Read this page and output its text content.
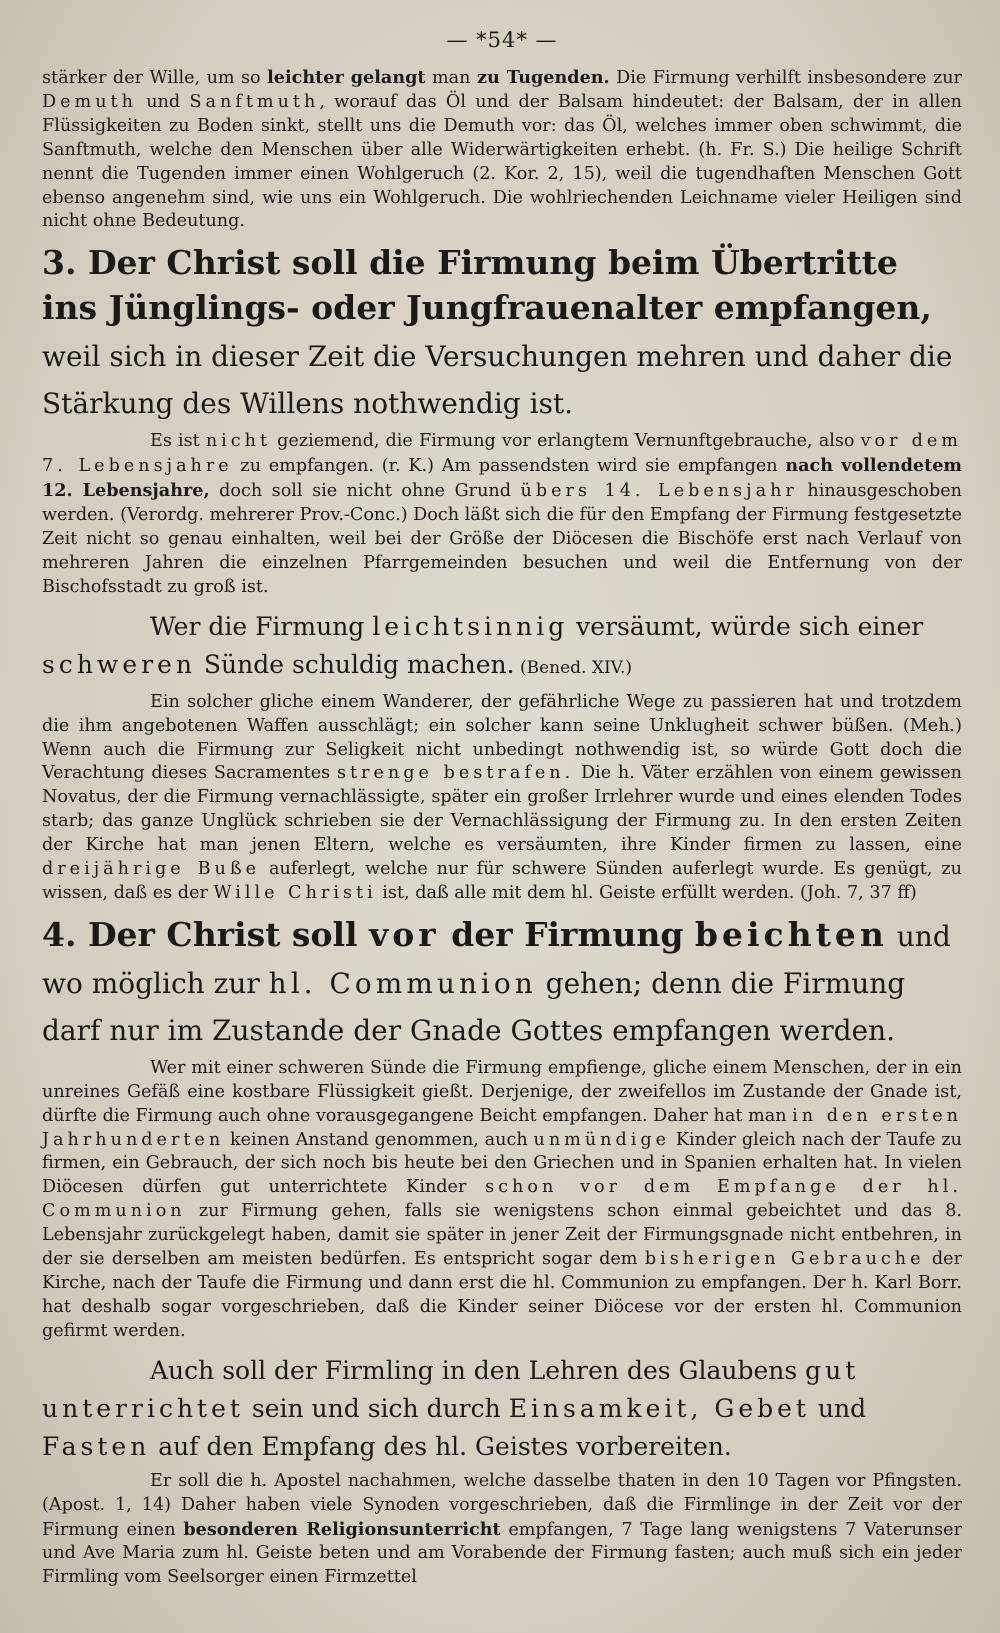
— *54* —

stärker der Wille, um so leichter gelangt man zu Tugenden. Die Firmung verhilft insbesondere zur Demuth und Sanftmuth, worauf das Öl und der Balsam hindeutet: der Balsam, der in allen Flüssigkeiten zu Boden sinkt, stellt uns die Demuth vor: das Öl, welches immer oben schwimmt, die Sanftmuth, welche den Menschen über alle Widerwärtigkeiten erhebt. (h. Fr. S.) Die heilige Schrift nennt die Tugenden immer einen Wohlgeruch (2. Kor. 2, 15), weil die tugendhaften Menschen Gott ebenso angenehm sind, wie uns ein Wohlgeruch. Die wohlriechenden Leichname vieler Heiligen sind nicht ohne Bedeutung.

3. Der Christ soll die Firmung beim Übertritte ins Jünglings- oder Jungfrauenalter empfangen, weil sich in dieser Zeit die Versuchungen mehren und daher die Stärkung des Willens nothwendig ist.

Es ist nicht geziemend, die Firmung vor erlangtem Vernunftgebrauche, also vor dem 7. Lebensjahre zu empfangen. (r. K.) Am passendsten wird sie empfangen nach vollendetem 12. Lebensjahre, doch soll sie nicht ohne Grund übers 14. Lebensjahr hinausgeschoben werden. (Verordg. mehrerer Prov.-Conc.) Doch läßt sich die für den Empfang der Firmung festgesetzte Zeit nicht so genau einhalten, weil bei der Größe der Diöcesen die Bischöfe erst nach Verlauf von mehreren Jahren die einzelnen Pfarrgemeinden besuchen und weil die Entfernung von der Bischofsstadt zu groß ist.

Wer die Firmung leichtsinnig versäumt, würde sich einer schweren Sünde schuldig machen. (Bened. XIV.)

Ein solcher gliche einem Wanderer, der gefährliche Wege zu passieren hat und trotzdem die ihm angebotenen Waffen ausschlägt; ein solcher kann seine Unklugheit schwer büßen. (Meh.) Wenn auch die Firmung zur Seligkeit nicht unbedingt nothwendig ist, so würde Gott doch die Verachtung dieses Sacramentes strenge bestrafen. Die h. Väter erzählen von einem gewissen Novatus, der die Firmung vernachlässigte, später ein großer Irrlehrer wurde und eines elenden Todes starb; das ganze Unglück schrieben sie der Vernachlässigung der Firmung zu. In den ersten Zeiten der Kirche hat man jenen Eltern, welche es versäumten, ihre Kinder firmen zu lassen, eine dreijährige Buße auferlegt, welche nur für schwere Sünden auferlegt wurde. Es genügt, zu wissen, daß es der Wille Christi ist, daß alle mit dem hl. Geiste erfüllt werden. (Joh. 7, 37 ff)

4. Der Christ soll vor der Firmung beichten und wo möglich zur hl. Communion gehen; denn die Firmung darf nur im Zustande der Gnade Gottes empfangen werden.

Wer mit einer schweren Sünde die Firmung empfienge, gliche einem Menschen, der in ein unreines Gefäß eine kostbare Flüssigkeit gießt. Derjenige, der zweifellos im Zustande der Gnade ist, dürfte die Firmung auch ohne vorausgegangene Beicht empfangen. Daher hat man in den ersten Jahrhunderten keinen Anstand genommen, auch unmündige Kinder gleich nach der Taufe zu firmen, ein Gebrauch, der sich noch bis heute bei den Griechen und in Spanien erhalten hat. In vielen Diöcesen dürfen gut unterrichtete Kinder schon vor dem Empfange der hl. Communion zur Firmung gehen, falls sie wenigstens schon einmal gebeichtet und das 8. Lebensjahr zurückgelegt haben, damit sie später in jener Zeit der Firmungsgnade nicht entbehren, in der sie derselben am meisten bedürfen. Es entspricht sogar dem bisherigen Gebrauche der Kirche, nach der Taufe die Firmung und dann erst die hl. Communion zu empfangen. Der h. Karl Borr. hat deshalb sogar vorgeschrieben, daß die Kinder seiner Diöcese vor der ersten hl. Communion gefirmt werden.

Auch soll der Firmling in den Lehren des Glaubens gut unterrichtet sein und sich durch Einsamkeit, Gebet und Fasten auf den Empfang des hl. Geistes vorbereiten.

Er soll die h. Apostel nachahmen, welche dasselbe thaten in den 10 Tagen vor Pfingsten. (Apost. 1, 14) Daher haben viele Synoden vorgeschrieben, daß die Firmlinge in der Zeit vor der Firmung einen besonderen Religionsunterricht empfangen, 7 Tage lang wenigstens 7 Vaterunser und Ave Maria zum hl. Geiste beten und am Vorabende der Firmung fasten; auch muß sich ein jeder Firmling vom Seelsorger einen Firmzettel
